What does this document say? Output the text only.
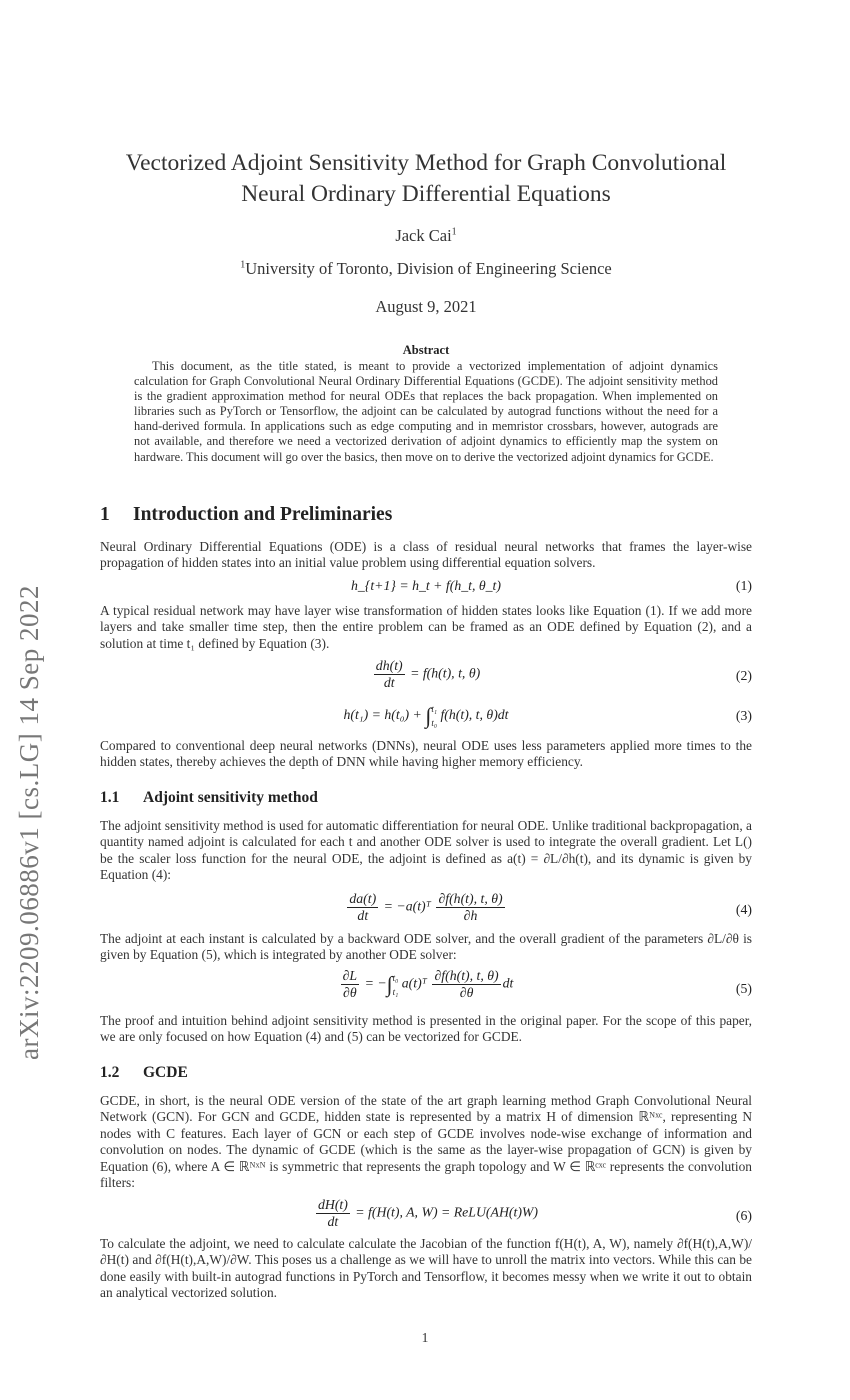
arXiv:2209.06886v1 [cs.LG] 14 Sep 2022
Vectorized Adjoint Sensitivity Method for Graph Convolutional
Neural Ordinary Differential Equations
Jack Cai$^1$
$^1$University of Toronto, Division of Engineering Science
August 9, 2021
Abstract
This document, as the title stated, is meant to provide a vectorized implementation of adjoint dynamics calculation for Graph Convolutional Neural Ordinary Differential Equations (GCDE). The adjoint sensitivity method is the gradient approximation method for neural ODEs that replaces the back propagation. When implemented on libraries such as PyTorch or Tensorflow, the adjoint can be calculated by autograd functions without the need for a hand-derived formula. In applications such as edge computing and in memristor crossbars, however, autograds are not available, and therefore we need a vectorized derivation of adjoint dynamics to efficiently map the system on hardware. This document will go over the basics, then move on to derive the vectorized adjoint dynamics for GCDE.
1 Introduction and Preliminaries
Neural Ordinary Differential Equations (ODE) is a class of residual neural networks that frames the layer-wise propagation of hidden states into an initial value problem using differential equation solvers.
h_{t+1} = h_t + f(h_t, θ_t)	(1)
A typical residual network may have layer wise transformation of hidden states looks like Equation (1). If we add more layers and take smaller time step, then the entire problem can be framed as an ODE defined by Equation (2), and a solution at time t₁ defined by Equation (3).
$\frac{dh(t)}{dt} = f(h(t)$, t, θ)	(2)
h(t₁) = h(t₀) + ∫ t₁
t₀
f(h(t), t, θ)dt	(3)
Compared to conventional deep neural networks (DNNs), neural ODE uses less parameters applied more times to the hidden states, thereby achieves the depth of DNN while having higher memory efficiency.
1.1 Adjoint sensitivity method
The adjoint sensitivity method is used for automatic differentiation for neural ODE. Unlike traditional backpropagation, a quantity named adjoint is calculated for each t and another ODE solver is used to integrate the overall gradient. Let L() be the scaler loss function for the neural ODE, the adjoint is defined as a(t) = ∂L/∂h(t), and its dynamic is given by Equation (4):
$\frac{da(t)}{dt}$ = −a(t)ᵀ $\frac{\partial f(h(t), t, \theta)}{\partial h}$	(4)
The adjoint at each instant is calculated by a backward ODE solver, and the overall gradient of the parameters ∂L/∂θ is given by Equation (5), which is integrated by another ODE solver:
$\frac{\partial L}{\partial\theta}$ = −∫ t₀
t₁
a(t)ᵀ $\frac{\partial f(h(t), t, \theta)}{\partial\theta}$ dt	(5)
The proof and intuition behind adjoint sensitivity method is presented in the original paper. For the scope of this paper, we are only focused on how Equation (4) and (5) can be vectorized for GCDE.
1.2 GCDE
GCDE, in short, is the neural ODE version of the state of the art graph learning method Graph Convolutional Neural Network (GCN). For GCN and GCDE, hidden state is represented by a matrix H of dimension ℝᴺˣᶜ, representing N nodes with C features. Each layer of GCN or each step of GCDE involves node-wise exchange of information and convolution on nodes. The dynamic of GCDE (which is the same as the layer-wise propagation of GCN) is given by Equation (6), where A ∈ ℝᴺˣᴺ is symmetric that represents the graph topology and W ∈ ℝᶜˣᶜ represents the convolution filters:
$\frac{dH(t)}{dt} = f(H(t)$, A, W) = ReLU(AH(t)W)	(6)
To calculate the adjoint, we need to calculate calculate the Jacobian of the function f(H(t), A, W), namely ∂f(H(t),A,W)/∂H(t) and ∂f(H(t),A,W)/∂W. This poses us a challenge as we will have to unroll the matrix into vectors. While this can be done easily with built-in autograd functions in PyTorch and Tensorflow, it becomes messy when we write it out to obtain an analytical vectorized solution.
1
